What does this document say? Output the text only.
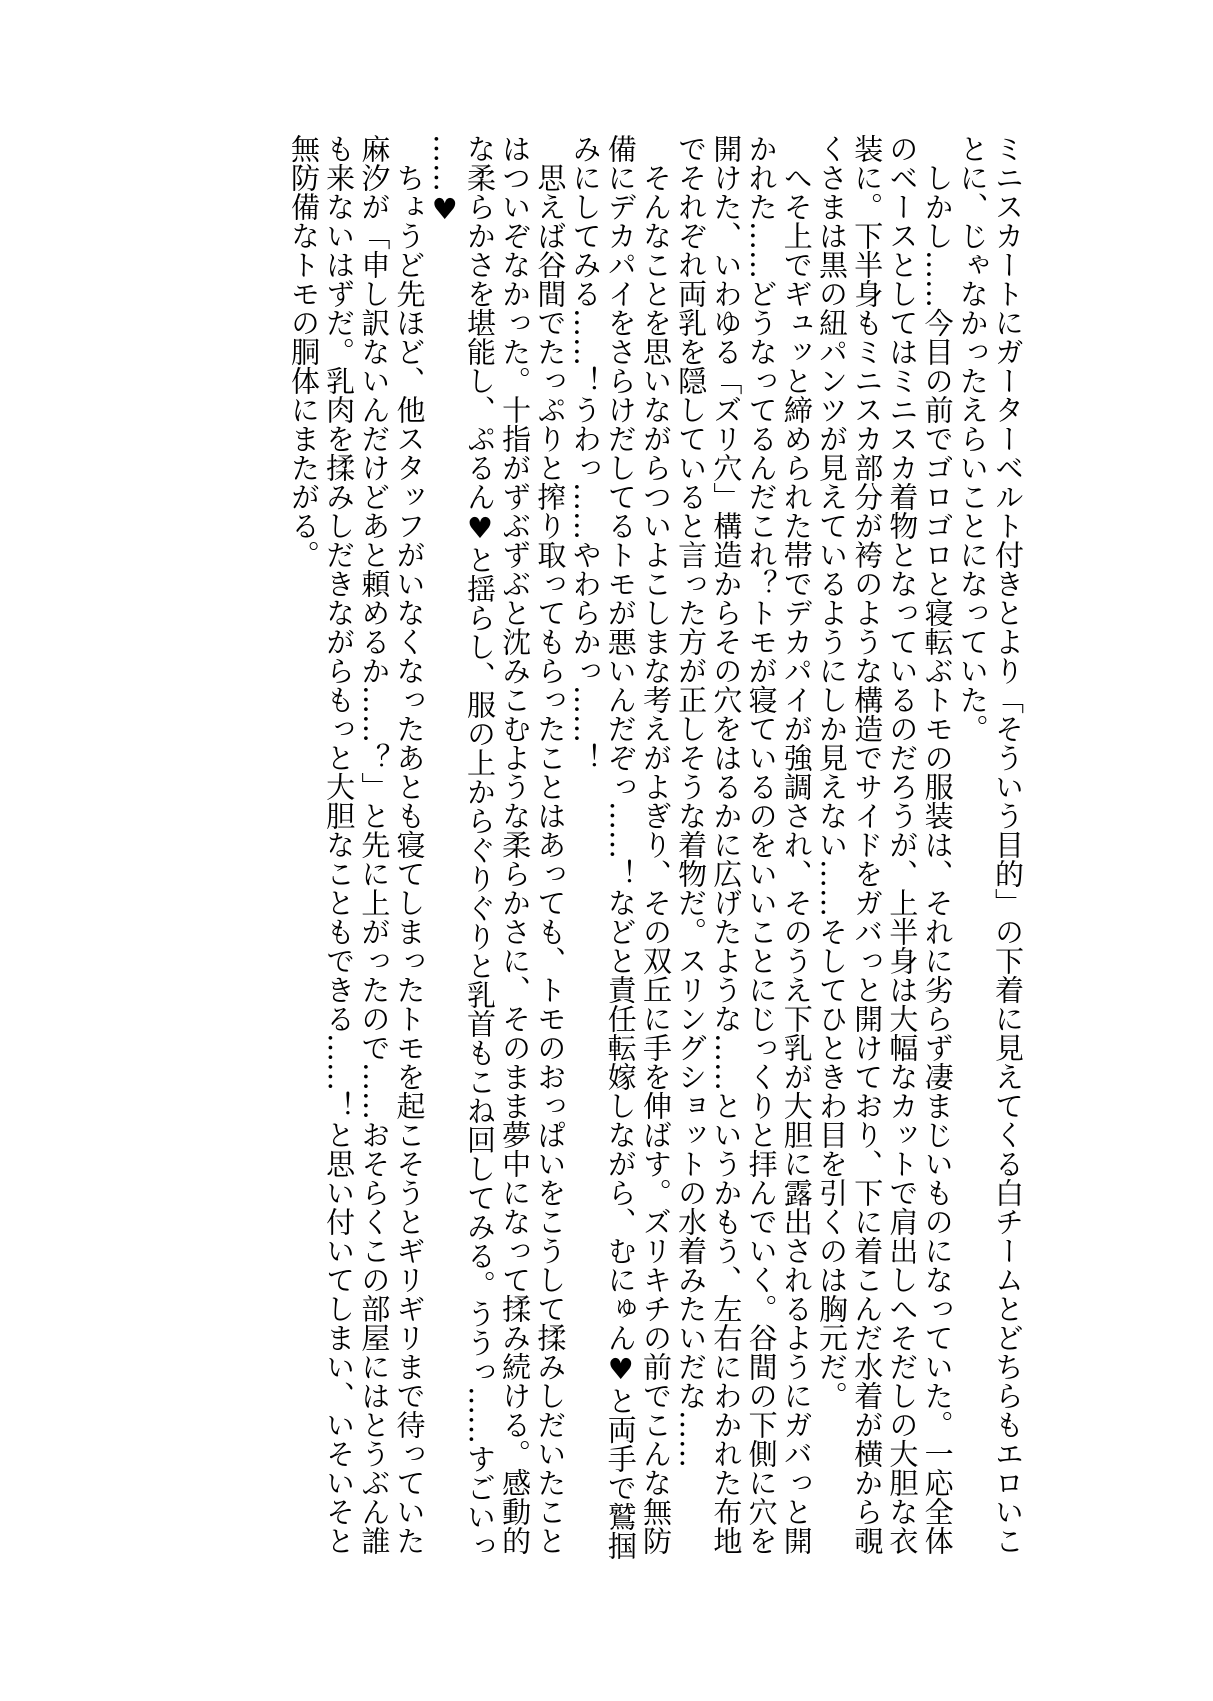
ミニスカートにガーターベルト付きとより「そういう目的」の下着に見えてくる白チームとどちらもエロいことに、じゃなかったえらいことになっていた。

しかし……今目の前でゴロゴロと寝転ぶトモの服装は、それに劣らず凄まじいものになっていた。一応全体のベースとしてはミニスカ着物となっているのだろうが、上半身は大幅なカットで肩出しへそだしの大胆な衣装に。下半身もミニスカ部分が袴のような構造でサイドをガバっと開けており、下に着こんだ水着が横から覗くさまは黒の紐パンツが見えているようにしか見えない……そしてひときわ目を引くのは胸元だ。

へそ上でギュッと締められた帯でデカパイが強調され、そのうえ下乳が大胆に露出されるようにガバっと開かれた……どうなってるんだこれ？トモが寝ているのをいいことにじっくりと拝んでいく。谷間の下側に穴を開けた、いわゆる「ズリ穴」構造からその穴をはるかに広げたような……というかもう、左右にわかれた布地でそれぞれ両乳を隠していると言った方が正しそうな着物だ。スリングショットの水着みたいだな……

そんなことを思いながらついよこしまな考えがよぎり、その双丘に手を伸ばす。ズリキチの前でこんな無防備にデカパイをさらけだしてるトモが悪いんだぞっ……！などと責任転嫁しながら、むにゅん♥と両手で鷲掴みにしてみる……！うわっ……やわらかっ……！

思えば谷間でたっぷりと搾り取ってもらったことはあっても、トモのおっぱいをこうして揉みしだいたことはついぞなかった。十指がずぶずぶと沈みこむような柔らかさに、そのまま夢中になって揉み続ける。感動的な柔らかさを堪能し、ぷるん♥と揺らし、服の上からぐりぐりと乳首もこね回してみる。ううっ……すごいっ……♥

ちょうど先ほど、他スタッフがいなくなったあとも寝てしまったトモを起こそうとギリギリまで待っていた麻汐が「申し訳ないんだけどあと頼めるか……？」と先に上がったので……おそらくこの部屋にはとうぶん誰も来ないはずだ。乳肉を揉みしだきながらもっと大胆なこともできる……！と思い付いてしまい、いそいそと無防備なトモの胴体にまたがる。
